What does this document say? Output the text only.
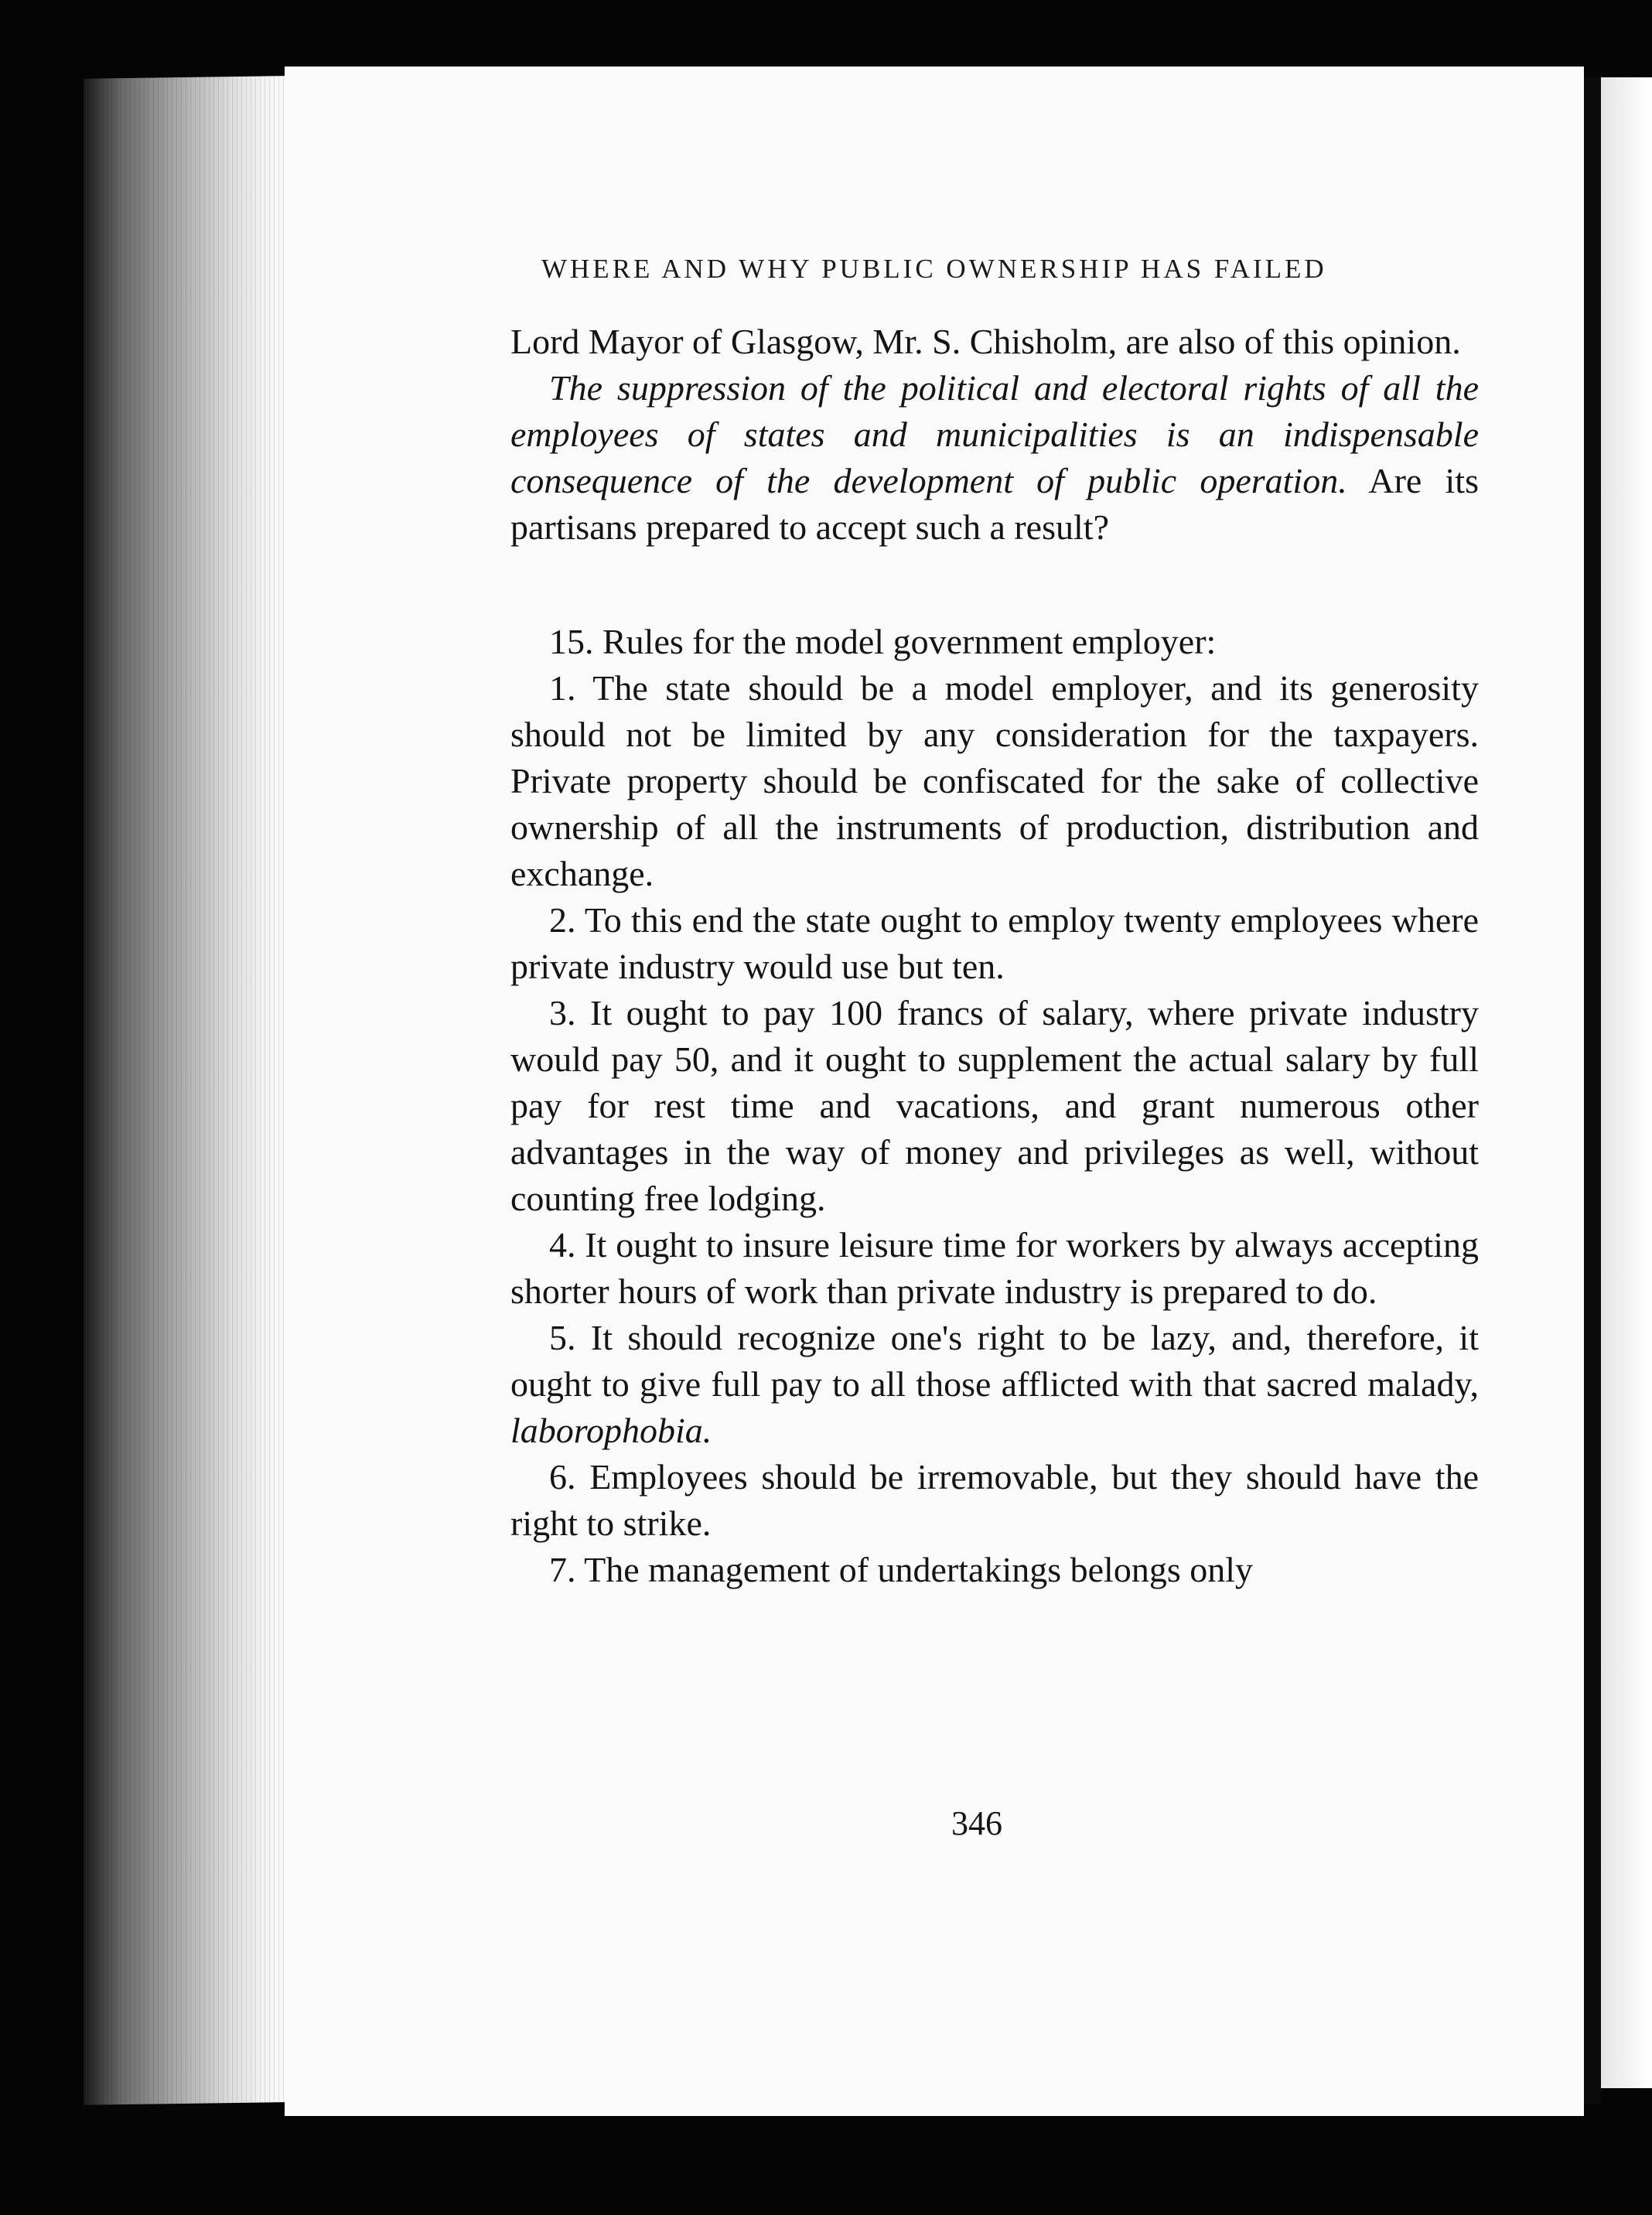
WHERE AND WHY PUBLIC OWNERSHIP HAS FAILED

Lord Mayor of Glasgow, Mr. S. Chisholm, are also of this opinion.

The suppression of the political and electoral rights of all the employees of states and municipalities is an indispensable consequence of the development of public operation. Are its partisans prepared to accept such a result?

15. Rules for the model government employer:

1. The state should be a model employer, and its generosity should not be limited by any consideration for the taxpayers. Private property should be confiscated for the sake of collective ownership of all the instruments of production, distribution and exchange.

2. To this end the state ought to employ twenty employees where private industry would use but ten.

3. It ought to pay 100 francs of salary, where private industry would pay 50, and it ought to supplement the actual salary by full pay for rest time and vacations, and grant numerous other advantages in the way of money and privileges as well, without counting free lodging.

4. It ought to insure leisure time for workers by always accepting shorter hours of work than private industry is prepared to do.

5. It should recognize one's right to be lazy, and, therefore, it ought to give full pay to all those afflicted with that sacred malady, laborophobia.

6. Employees should be irremovable, but they should have the right to strike.

7. The management of undertakings belongs only

346
